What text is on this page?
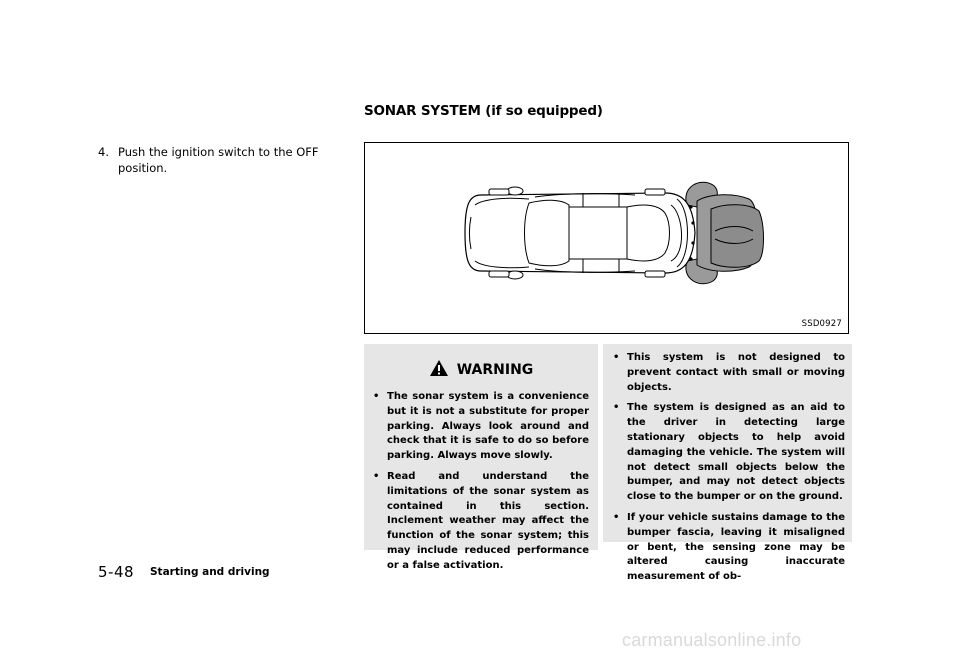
SONAR SYSTEM (if so equipped)
4. Push the ignition switch to the OFF
position.
SSD0927
WARNING
• The sonar system is a convenience but it is not a substitute for proper parking. Always look around and check that it is safe to do so before parking. Always move slowly.
• Read and understand the limitations of the sonar system as contained in this section. Inclement weather may affect the function of the sonar system; this may include reduced performance or a false activation.
• This system is not designed to prevent contact with small or moving objects.
• The system is designed as an aid to the driver in detecting large stationary objects to help avoid damaging the vehicle. The system will not detect small objects below the bumper, and may not detect objects close to the bumper or on the ground.
• If your vehicle sustains damage to the bumper fascia, leaving it misaligned or bent, the sensing zone may be altered causing inaccurate measurement of ob-
5-48 Starting and driving
carmanualsonline.info
